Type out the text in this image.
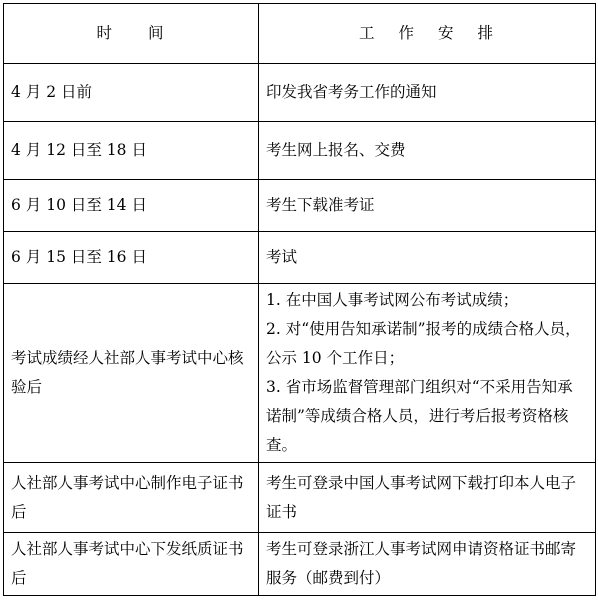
时 间	工 作 安 排
4 月 2 日前	印发我省考务工作的通知
4 月 12 日至 18 日	考生网上报名、交费
6 月 10 日至 14 日	考生下载准考证
6 月 15 日至 16 日	考试
考试成绩经人社部人事考试中心核验后	1. 在中国人事考试网公布考试成绩；
2. 对“使用告知承诺制”报考的成绩合格人员，公示 10 个工作日；
3. 省市场监督管理部门组织对“不采用告知承诺制”等成绩合格人员，进行考后报考资格核查。

人社部人事考试中心制作电子证书后	考生可登录中国人事考试网下载打印本人电子证书
人社部人事考试中心下发纸质证书后	考生可登录浙江人事考试网申请资格证书邮寄服务（邮费到付）
